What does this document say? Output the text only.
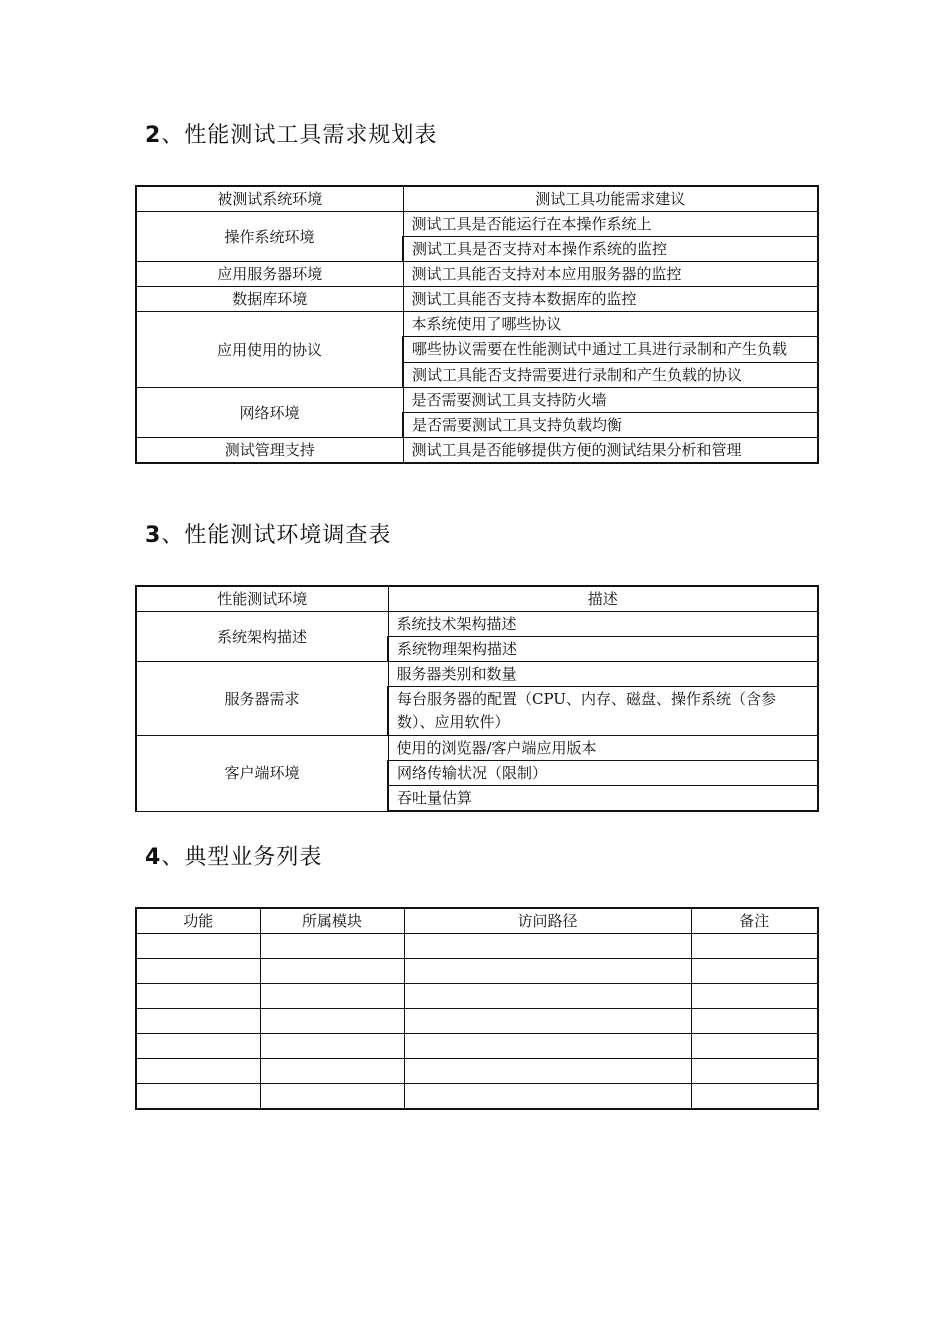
2、性能测试工具需求规划表
被测试系统环境	测试工具功能需求建议
操作系统环境	测试工具是否能运行在本操作系统上
	测试工具是否支持对本操作系统的监控
应用服务器环境	测试工具能否支持对本应用服务器的监控
数据库环境	测试工具能否支持本数据库的监控
应用使用的协议	本系统使用了哪些协议
	哪些协议需要在性能测试中通过工具进行录制和产生负载
	测试工具能否支持需要进行录制和产生负载的协议
网络环境	是否需要测试工具支持防火墙
	是否需要测试工具支持负载均衡
测试管理支持	测试工具是否能够提供方便的测试结果分析和管理
3、性能测试环境调查表
性能测试环境	描述
系统架构描述	系统技术架构描述
	系统物理架构描述
服务器需求	服务器类别和数量
	每台服务器的配置（CPU、内存、磁盘、操作系统（含参数）、应用软件）
客户端环境	使用的浏览器/客户端应用版本
	网络传输状况（限制）
	吞吐量估算
4、典型业务列表
功能	所属模块	访问路径	备注
